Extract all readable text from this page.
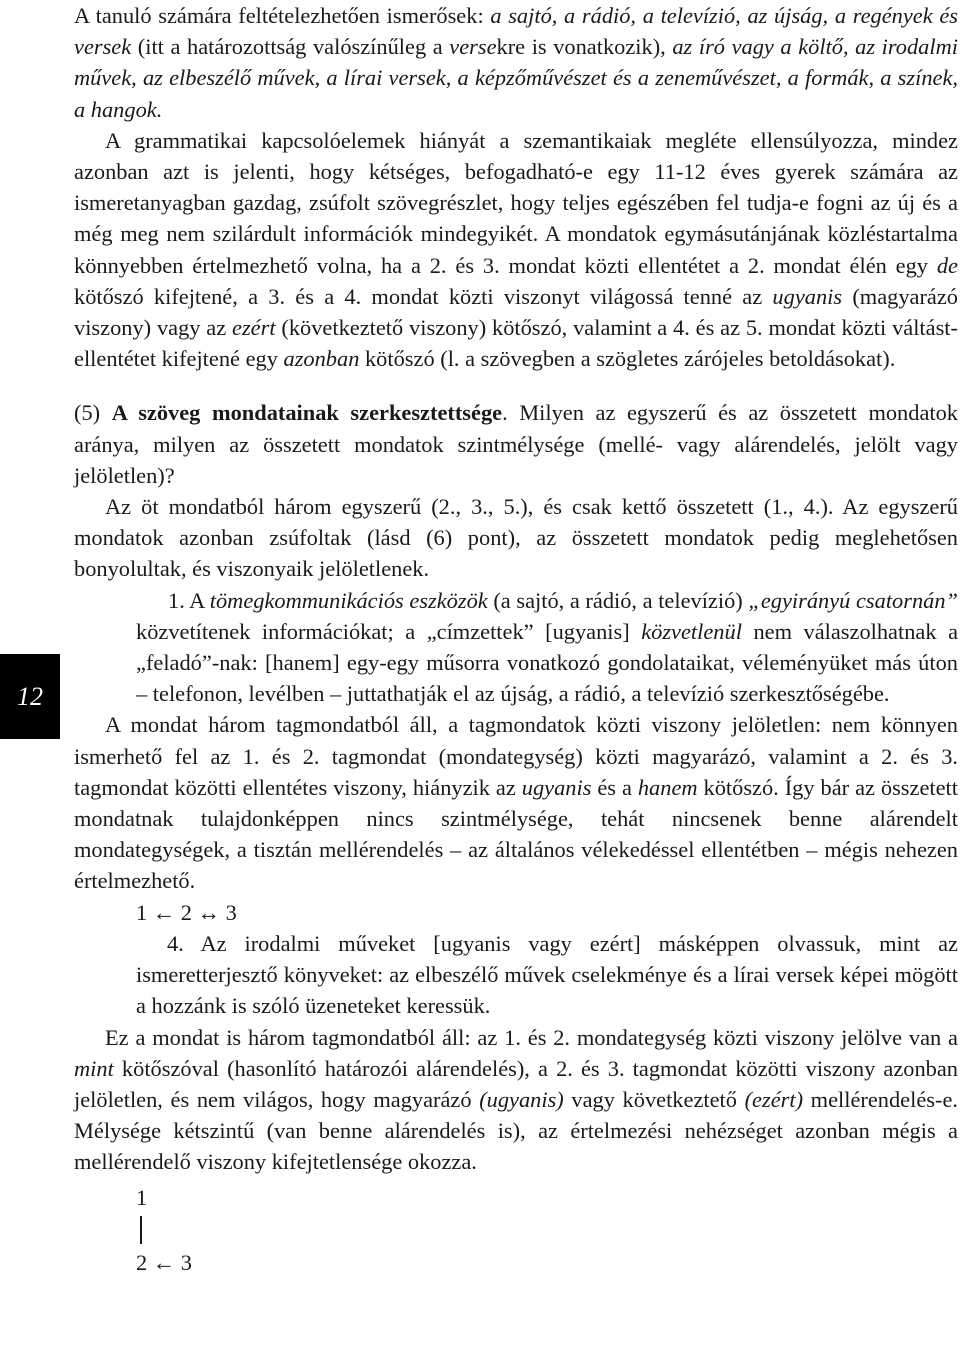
12

A tanuló számára feltételezhetően ismerősek: a sajtó, a rádió, a televízió, az újság, a regények és versek (itt a határozottság valószínűleg a versekre is vonatkozik), az író vagy a költő, az irodalmi művek, az elbeszélő művek, a lírai versek, a képzőművészet és a zeneművészet, a formák, a színek, a hangok.

A grammatikai kapcsolóelemek hiányát a szemantikaiak megléte ellensúlyozza, mindez azonban azt is jelenti, hogy kétséges, befogadható-e egy 11-12 éves gyerek számára az ismeretanyagban gazdag, zsúfolt szövegrészlet, hogy teljes egészében fel tudja-e fogni az új és a még meg nem szilárdult információk mindegyikét. A mondatok egymásutánjának közléstartalma könnyebben értelmezhető volna, ha a 2. és 3. mondat közti ellentétet a 2. mondat élén egy de kötőszó kifejtené, a 3. és a 4. mondat közti viszonyt világossá tenné az ugyanis (magyarázó viszony) vagy az ezért (következtető viszony) kötőszó, valamint a 4. és az 5. mondat közti váltást-ellentétet kifejtené egy azonban kötőszó (l. a szövegben a szögletes zárójeles betoldásokat).

(5) A szöveg mondatainak szerkesztettsége. Milyen az egyszerű és az összetett mondatok aránya, milyen az összetett mondatok szintmélysége (mellé- vagy alárendelés, jelölt vagy jelöletlen)?

Az öt mondatból három egyszerű (2., 3., 5.), és csak kettő összetett (1., 4.). Az egyszerű mondatok azonban zsúfoltak (lásd (6) pont), az összetett mondatok pedig meglehetősen bonyolultak, és viszonyaik jelöletlenek.

1. A tömegkommunikációs eszközök (a sajtó, a rádió, a televízió) „egyirányú csatornán” közvetítenek információkat; a „címzettek” [ugyanis] közvetlenül nem válaszolhatnak a „feladó”-nak: [hanem] egy-egy műsorra vonatkozó gondolataikat, véleményüket más úton – telefonon, levélben – juttathatják el az újság, a rádió, a televízió szerkesztőségébe.

A mondat három tagmondatból áll, a tagmondatok közti viszony jelöletlen: nem könnyen ismerhető fel az 1. és 2. tagmondat (mondategység) közti magyarázó, valamint a 2. és 3. tagmondat közötti ellentétes viszony, hiányzik az ugyanis és a hanem kötőszó. Így bár az összetett mondatnak tulajdonképpen nincs szintmélysége, tehát nincsenek benne alárendelt mondategységek, a tisztán mellérendelés – az általános vélekedéssel ellentétben – mégis nehezen értelmezhető.

1 ← 2 ↔ 3

4. Az irodalmi műveket [ugyanis vagy ezért] másképpen olvassuk, mint az ismeretterjesztő könyveket: az elbeszélő művek cselekménye és a lírai versek képei mögött a hozzánk is szóló üzeneteket keressük.

Ez a mondat is három tagmondatból áll: az 1. és 2. mondategység közti viszony jelölve van a mint kötőszóval (hasonlító határozói alárendelés), a 2. és 3. tagmondat közötti viszony azonban jelöletlen, és nem világos, hogy magyarázó (ugyanis) vagy következtető (ezért) mellérendelés-e. Mélysége kétszintű (van benne alárendelés is), az értelmezési nehézséget azonban mégis a mellérendelő viszony kifejtetlensége okozza.

1
2 ← 3
